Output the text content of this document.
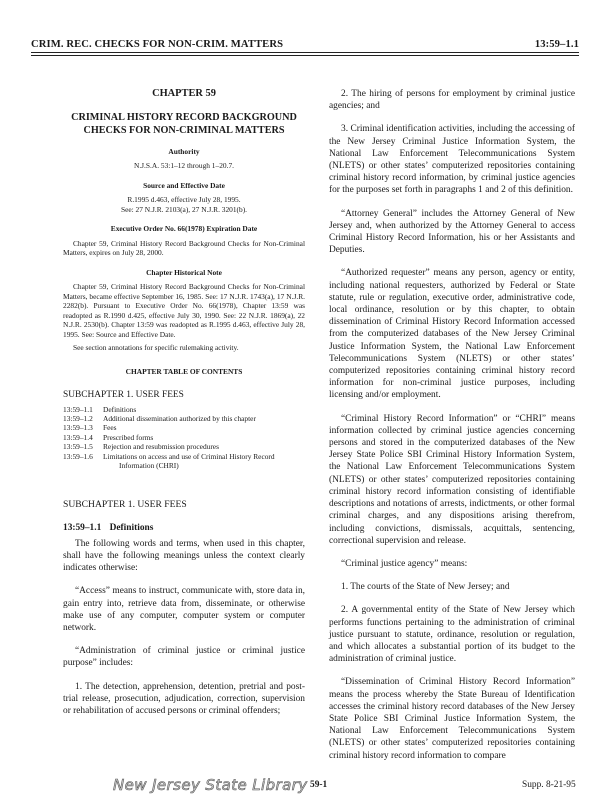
CRIM. REC. CHECKS FOR NON-CRIM. MATTERS	13:59–1.1
CHAPTER 59
CRIMINAL HISTORY RECORD BACKGROUND
CHECKS FOR NON-CRIMINAL MATTERS
Authority
N.J.S.A. 53:1–12 through 1–20.7.
Source and Effective Date
R.1995 d.463, effective July 28, 1995.
See: 27 N.J.R. 2103(a), 27 N.J.R. 3201(b).
Executive Order No. 66(1978) Expiration Date

Chapter 59, Criminal History Record Background Checks for Non-Criminal Matters, expires on July 28, 2000.

Chapter Historical Note

Chapter 59, Criminal History Record Background Checks for Non-Criminal Matters, became effective September 16, 1985. See: 17 N.J.R. 1743(a), 17 N.J.R. 2282(b). Pursuant to Executive Order No. 66(1978), Chapter 13:59 was readopted as R.1990 d.425, effective July 30, 1990. See: 22 N.J.R. 1869(a), 22 N.J.R. 2530(b). Chapter 13:59 was readopted as R.1995 d.463, effective July 28, 1995. See: Source and Effective Date.

See section annotations for specific rulemaking activity.

CHAPTER TABLE OF CONTENTS
SUBCHAPTER 1. USER FEES
13:59–1.1	Definitions
13:59–1.2	Additional dissemination authorized by this chapter
13:59–1.3	Fees
13:59–1.4	Prescribed forms
13:59–1.5	Rejection and resubmission procedures
13:59–1.6	Limitations on access and use of Criminal History Record
Information (CHRI)
SUBCHAPTER 1. USER FEES
13:59–1.1 Definitions

The following words and terms, when used in this chapter, shall have the following meanings unless the context clearly indicates otherwise:

“Access” means to instruct, communicate with, store data in, gain entry into, retrieve data from, disseminate, or otherwise make use of any computer, computer system or computer network.

“Administration of criminal justice or criminal justice purpose” includes:

1. The detection, apprehension, detention, pretrial and post-trial release, prosecution, adjudication, correction, supervision or rehabilitation of accused persons or criminal offenders;

2. The hiring of persons for employment by criminal justice agencies; and

3. Criminal identification activities, including the accessing of the New Jersey Criminal Justice Information System, the National Law Enforcement Telecommunications System (NLETS) or other states’ computerized repositories containing criminal history record information, by criminal justice agencies for the purposes set forth in paragraphs 1 and 2 of this definition.

“Attorney General” includes the Attorney General of New Jersey and, when authorized by the Attorney General to access Criminal History Record Information, his or her Assistants and Deputies.

“Authorized requester” means any person, agency or entity, including national requesters, authorized by Federal or State statute, rule or regulation, executive order, administrative code, local ordinance, resolution or by this chapter, to obtain dissemination of Criminal History Record Information accessed from the computerized databases of the New Jersey Criminal Justice Information System, the National Law Enforcement Telecommunications System (NLETS) or other states’ computerized repositories containing criminal history record information for non-criminal justice purposes, including licensing and/or employment.

“Criminal History Record Information” or “CHRI” means information collected by criminal justice agencies concerning persons and stored in the computerized databases of the New Jersey State Police SBI Criminal History Information System, the National Law Enforcement Telecommunications System (NLETS) or other states’ computerized repositories containing criminal history record information consisting of identifiable descriptions and notations of arrests, indictments, or other formal criminal charges, and any dispositions arising therefrom, including convictions, dismissals, acquittals, sentencing, correctional supervision and release.

“Criminal justice agency” means:

1. The courts of the State of New Jersey; and

2. A governmental entity of the State of New Jersey which performs functions pertaining to the administration of criminal justice pursuant to statute, ordinance, resolution or regulation, and which allocates a substantial portion of its budget to the administration of criminal justice.

“Dissemination of Criminal History Record Information” means the process whereby the State Bureau of Identification accesses the criminal history record databases of the New Jersey State Police SBI Criminal Justice Information System, the National Law Enforcement Telecommunications System (NLETS) or other states’ computerized repositories containing criminal history record information to compare

New Jersey State Library 59-1	Supp. 8-21-95
